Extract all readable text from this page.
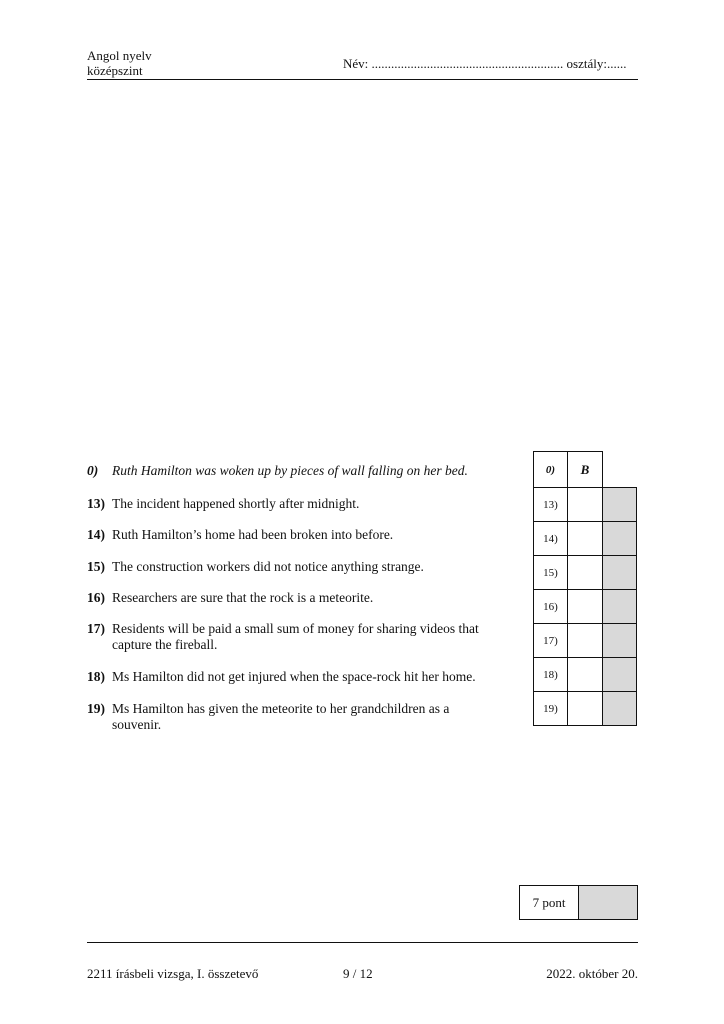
Angol nyelv
középszint	Név: ........................................................... osztály:......
0) Ruth Hamilton was woken up by pieces of wall falling on her bed.
13) The incident happened shortly after midnight.
14) Ruth Hamilton’s home had been broken into before.
15) The construction workers did not notice anything strange.
16) Researchers are sure that the rock is a meteorite.
17) Residents will be paid a small sum of money for sharing videos that
capture the fireball.
18) Ms Hamilton did not get injured when the space-rock hit her home.
19) Ms Hamilton has given the meteorite to her grandchildren as a
souvenir.
0)	B	
13)		
14)		
15)		
16)		
17)		
18)		
19)		
7 pont	
2211 írásbeli vizsga, I. összetevő	9 / 12	2022. október 20.
